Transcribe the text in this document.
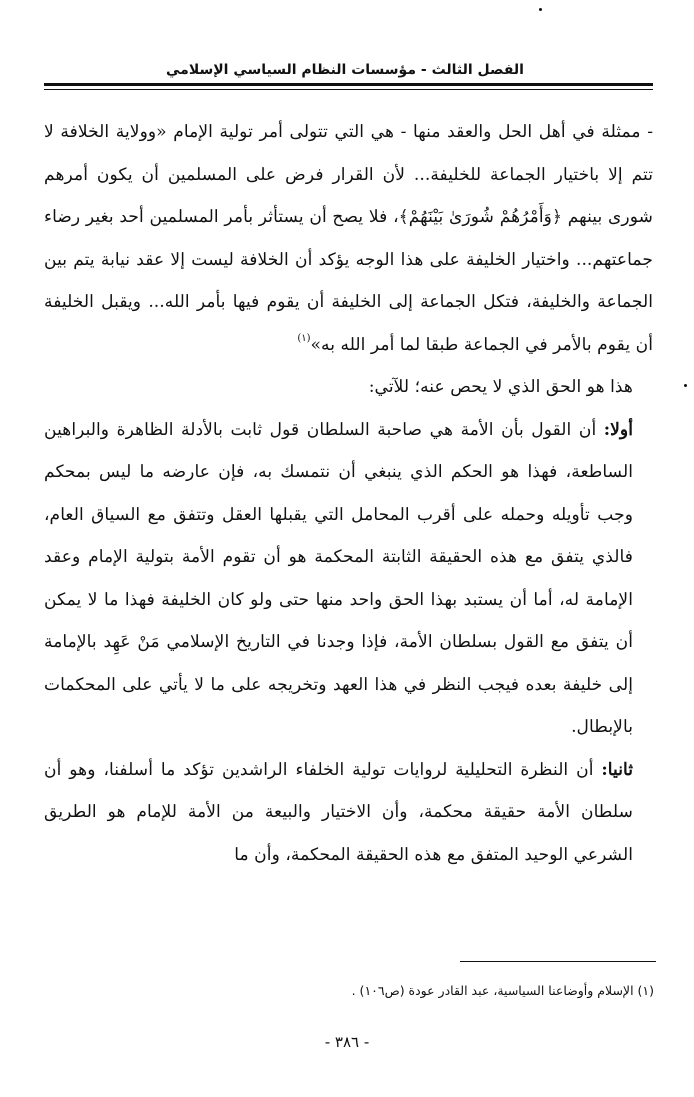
الفصل الثالث - مؤسسات النظام السياسي الإسلامي

- ممثلة في أهل الحل والعقد منها - هي التي تتولى أمر تولية الإمام «وولاية الخلافة لا تتم إلا باختيار الجماعة للخليفة... لأن القرار فرض على المسلمين أن يكون أمرهم شورى بينهم ﴿وَأَمْرُهُمْ شُورَىٰ بَيْنَهُمْ﴾، فلا يصح أن يستأثر بأمر المسلمين أحد بغير رضاء جماعتهم... واختيار الخليفة على هذا الوجه يؤكد أن الخلافة ليست إلا عقد نيابة يتم بين الجماعة والخليفة، فتكل الجماعة إلى الخليفة أن يقوم فيها بأمر الله... ويقبل الخليفة أن يقوم بالأمر في الجماعة طبقا لما أمر الله به»$^{(١)}$

هذا هو الحق الذي لا يحص عنه؛ للآتي:

أولا: أن القول بأن الأمة هي صاحبة السلطان قول ثابت بالأدلة الظاهرة والبراهين الساطعة، فهذا هو الحكم الذي ينبغي أن نتمسك به، فإن عارضه ما ليس بمحكم وجب تأويله وحمله على أقرب المحامل التي يقبلها العقل وتتفق مع السياق العام، فالذي يتفق مع هذه الحقيقة الثابتة المحكمة هو أن تقوم الأمة بتولية الإمام وعقد الإمامة له، أما أن يستبد بهذا الحق واحد منها حتى ولو كان الخليفة فهذا ما لا يمكن أن يتفق مع القول بسلطان الأمة، فإذا وجدنا في التاريخ الإسلامي مَنْ عَهِد بالإمامة إلى خليفة بعده فيجب النظر في هذا العهد وتخريجه على ما لا يأتي على المحكمات بالإبطال.

ثانيا: أن النظرة التحليلية لروايات تولية الخلفاء الراشدين تؤكد ما أسلفنا، وهو أن سلطان الأمة حقيقة محكمة، وأن الاختيار والبيعة من الأمة للإمام هو الطريق الشرعي الوحيد المتفق مع هذه الحقيقة المحكمة، وأن ما

(١) الإسلام وأوضاعنا السياسية، عبد القادر عودة (ص١٠٦) .
- ٣٨٦ -
